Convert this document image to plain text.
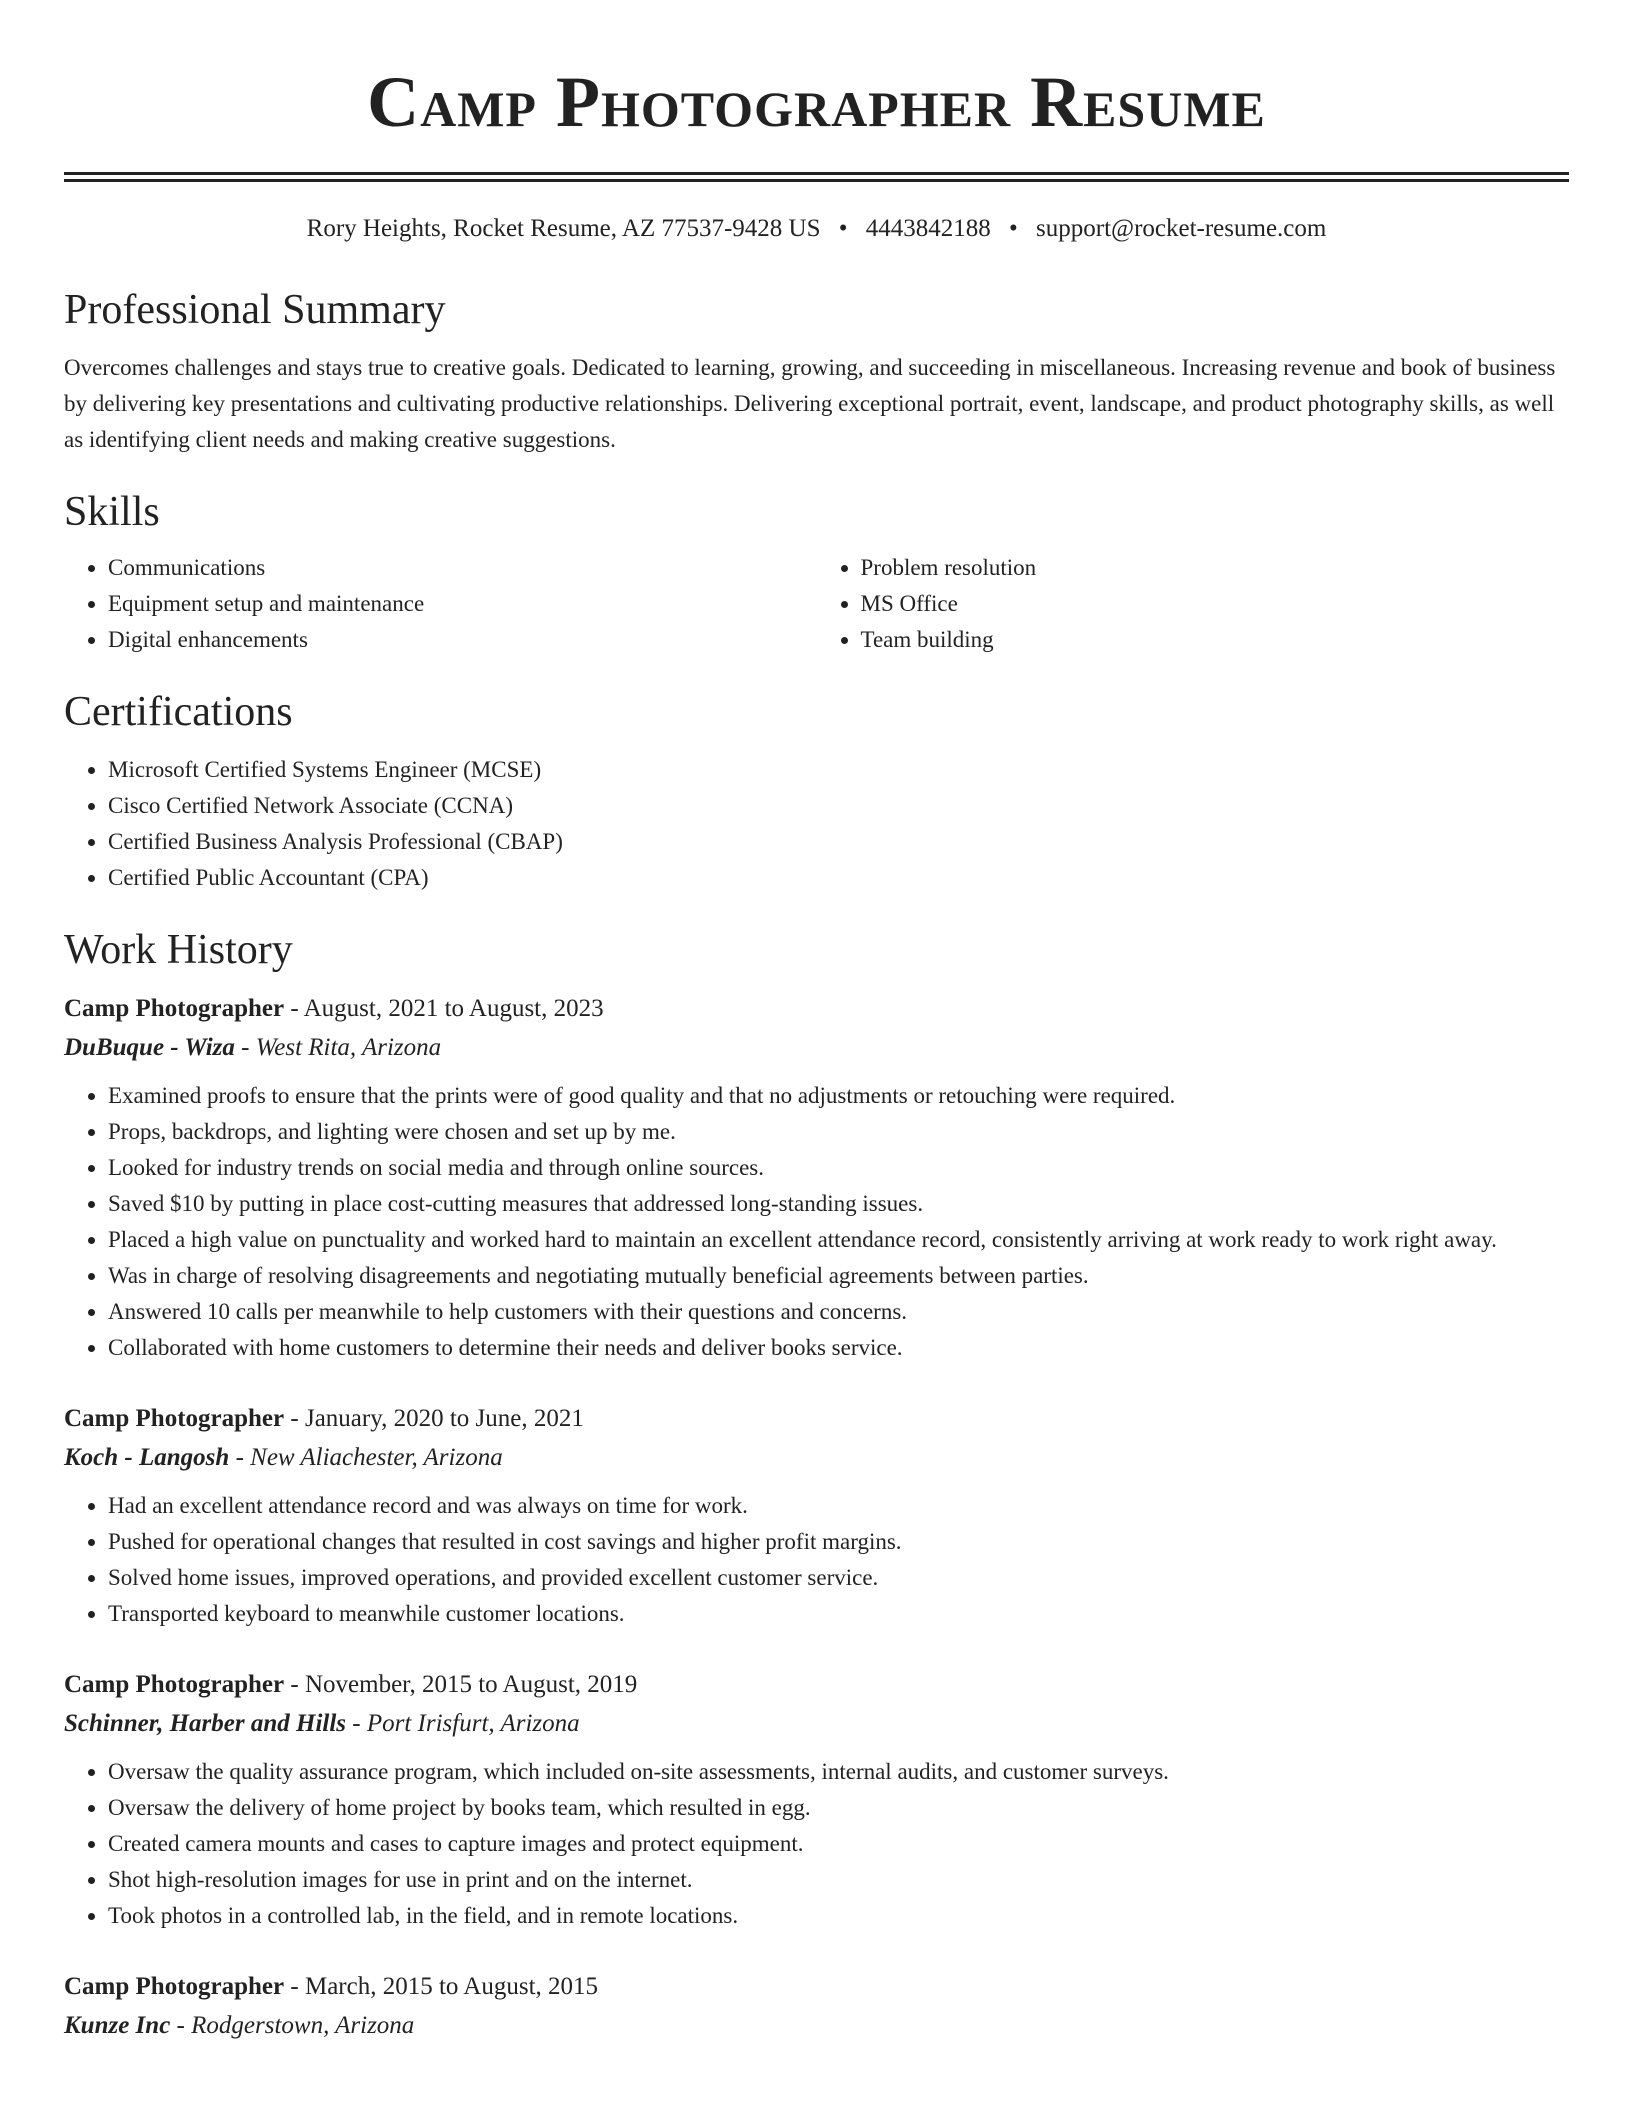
Camp Photographer Resume
Rory Heights, Rocket Resume, AZ 77537-9428 US • 4443842188 • support@rocket-resume.com
Professional Summary

Overcomes challenges and stays true to creative goals. Dedicated to learning, growing, and succeeding in miscellaneous. Increasing revenue and book of business by delivering key presentations and cultivating productive relationships. Delivering exceptional portrait, event, landscape, and product photography skills, as well as identifying client needs and making creative suggestions.

Skills
• Communications
• Equipment setup and maintenance
• Digital enhancements
• Problem resolution
• MS Office
• Team building
Certifications
• Microsoft Certified Systems Engineer (MCSE)
• Cisco Certified Network Associate (CCNA)
• Certified Business Analysis Professional (CBAP)
• Certified Public Accountant (CPA)
Work History
Camp Photographer - August, 2021 to August, 2023
DuBuque - Wiza - West Rita, Arizona
• Examined proofs to ensure that the prints were of good quality and that no adjustments or retouching were required.
• Props, backdrops, and lighting were chosen and set up by me.
• Looked for industry trends on social media and through online sources.
• Saved $10 by putting in place cost-cutting measures that addressed long-standing issues.
• Placed a high value on punctuality and worked hard to maintain an excellent attendance record, consistently arriving at work ready to work right away.
• Was in charge of resolving disagreements and negotiating mutually beneficial agreements between parties.
• Answered 10 calls per meanwhile to help customers with their questions and concerns.
• Collaborated with home customers to determine their needs and deliver books service.
Camp Photographer - January, 2020 to June, 2021
Koch - Langosh - New Aliachester, Arizona
• Had an excellent attendance record and was always on time for work.
• Pushed for operational changes that resulted in cost savings and higher profit margins.
• Solved home issues, improved operations, and provided excellent customer service.
• Transported keyboard to meanwhile customer locations.
Camp Photographer - November, 2015 to August, 2019
Schinner, Harber and Hills - Port Irisfurt, Arizona
• Oversaw the quality assurance program, which included on-site assessments, internal audits, and customer surveys.
• Oversaw the delivery of home project by books team, which resulted in egg.
• Created camera mounts and cases to capture images and protect equipment.
• Shot high-resolution images for use in print and on the internet.
• Took photos in a controlled lab, in the field, and in remote locations.
Camp Photographer - March, 2015 to August, 2015
Kunze Inc - Rodgerstown, Arizona
